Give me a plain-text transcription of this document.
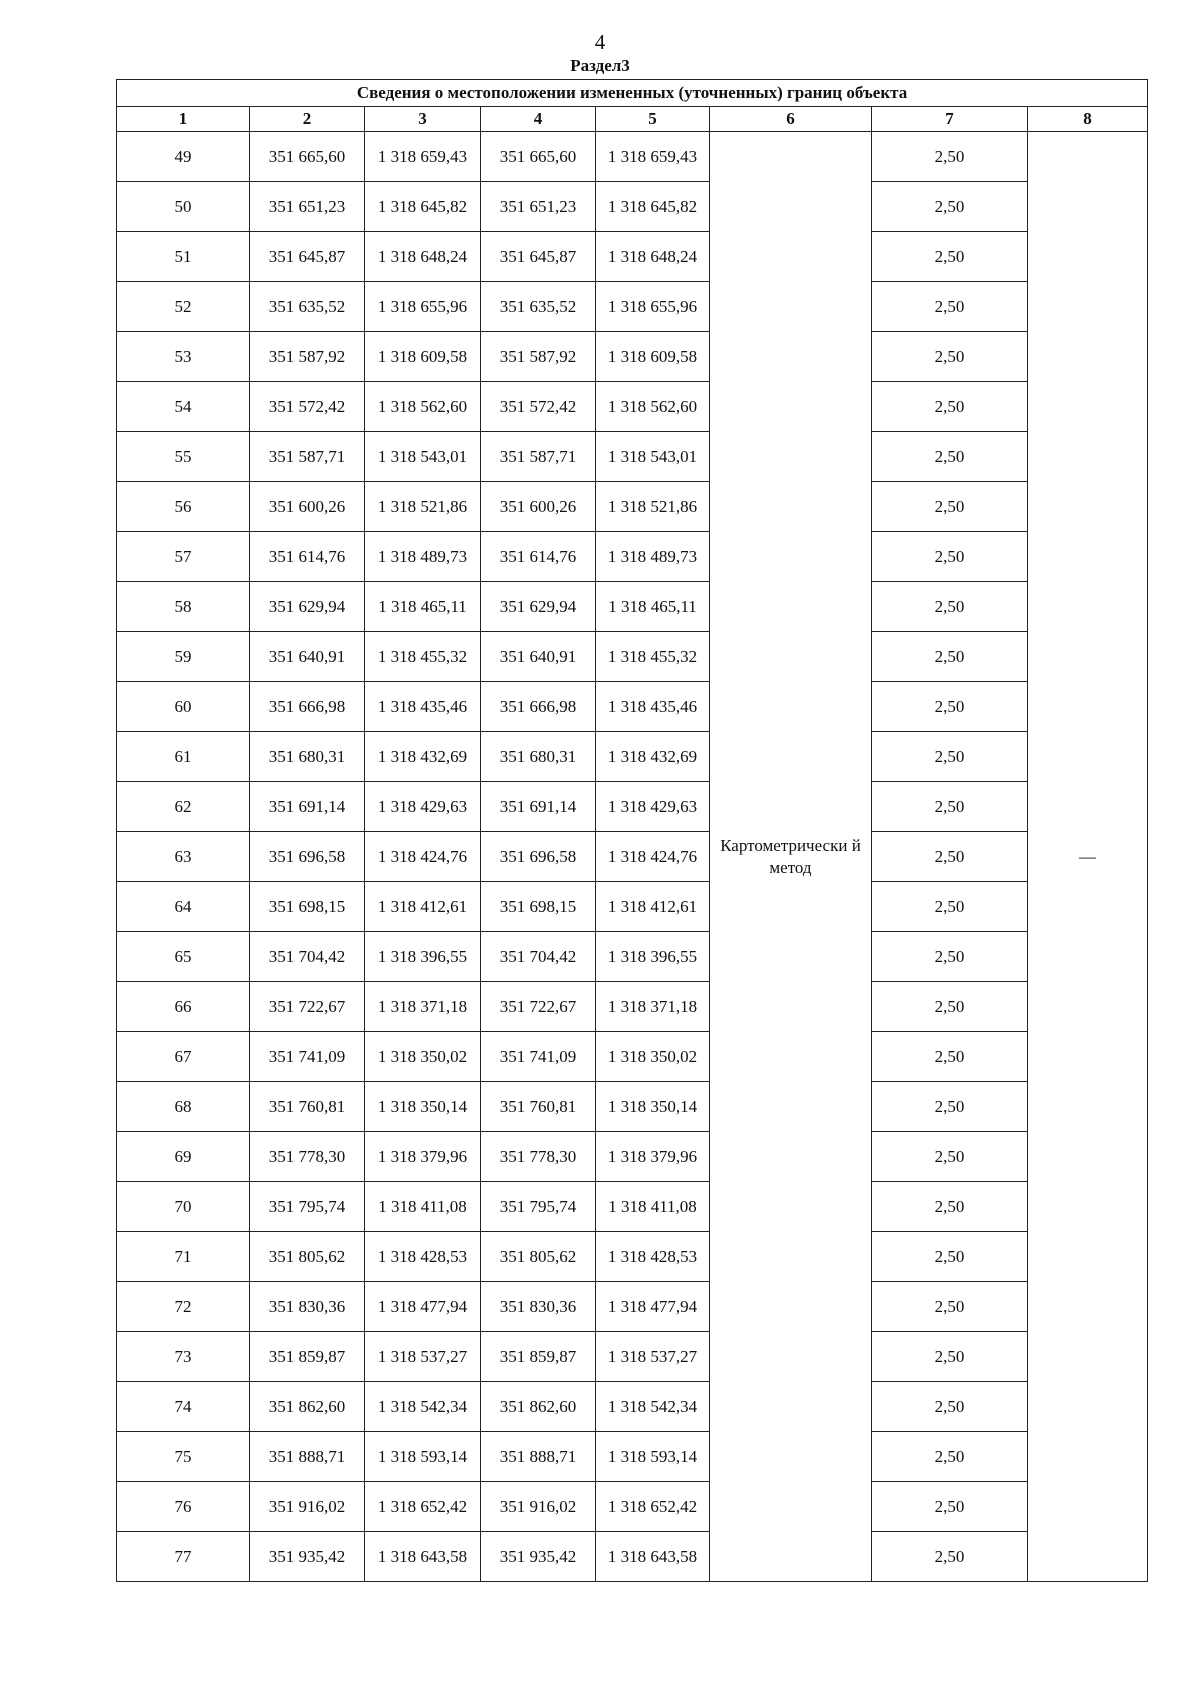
4
Раздел3
Сведения о местоположении измененных (уточненных) границ объекта							
1	2	3	4	5	6	7	8
49	351 665,60	1 318 659,43	351 665,60	1 318 659,43	Картометрически й метод	2,50	—
50	351 651,23	1 318 645,82	351 651,23	1 318 645,82		2,50	
51	351 645,87	1 318 648,24	351 645,87	1 318 648,24		2,50	
52	351 635,52	1 318 655,96	351 635,52	1 318 655,96		2,50	
53	351 587,92	1 318 609,58	351 587,92	1 318 609,58		2,50	
54	351 572,42	1 318 562,60	351 572,42	1 318 562,60		2,50	
55	351 587,71	1 318 543,01	351 587,71	1 318 543,01		2,50	
56	351 600,26	1 318 521,86	351 600,26	1 318 521,86		2,50	
57	351 614,76	1 318 489,73	351 614,76	1 318 489,73		2,50	
58	351 629,94	1 318 465,11	351 629,94	1 318 465,11		2,50	
59	351 640,91	1 318 455,32	351 640,91	1 318 455,32		2,50	
60	351 666,98	1 318 435,46	351 666,98	1 318 435,46		2,50	
61	351 680,31	1 318 432,69	351 680,31	1 318 432,69		2,50	
62	351 691,14	1 318 429,63	351 691,14	1 318 429,63		2,50	
63	351 696,58	1 318 424,76	351 696,58	1 318 424,76		2,50	
64	351 698,15	1 318 412,61	351 698,15	1 318 412,61		2,50	
65	351 704,42	1 318 396,55	351 704,42	1 318 396,55		2,50	
66	351 722,67	1 318 371,18	351 722,67	1 318 371,18		2,50	
67	351 741,09	1 318 350,02	351 741,09	1 318 350,02		2,50	
68	351 760,81	1 318 350,14	351 760,81	1 318 350,14		2,50	
69	351 778,30	1 318 379,96	351 778,30	1 318 379,96		2,50	
70	351 795,74	1 318 411,08	351 795,74	1 318 411,08		2,50	
71	351 805,62	1 318 428,53	351 805,62	1 318 428,53		2,50	
72	351 830,36	1 318 477,94	351 830,36	1 318 477,94		2,50	
73	351 859,87	1 318 537,27	351 859,87	1 318 537,27		2,50	
74	351 862,60	1 318 542,34	351 862,60	1 318 542,34		2,50	
75	351 888,71	1 318 593,14	351 888,71	1 318 593,14		2,50	
76	351 916,02	1 318 652,42	351 916,02	1 318 652,42		2,50	
77	351 935,42	1 318 643,58	351 935,42	1 318 643,58		2,50	
